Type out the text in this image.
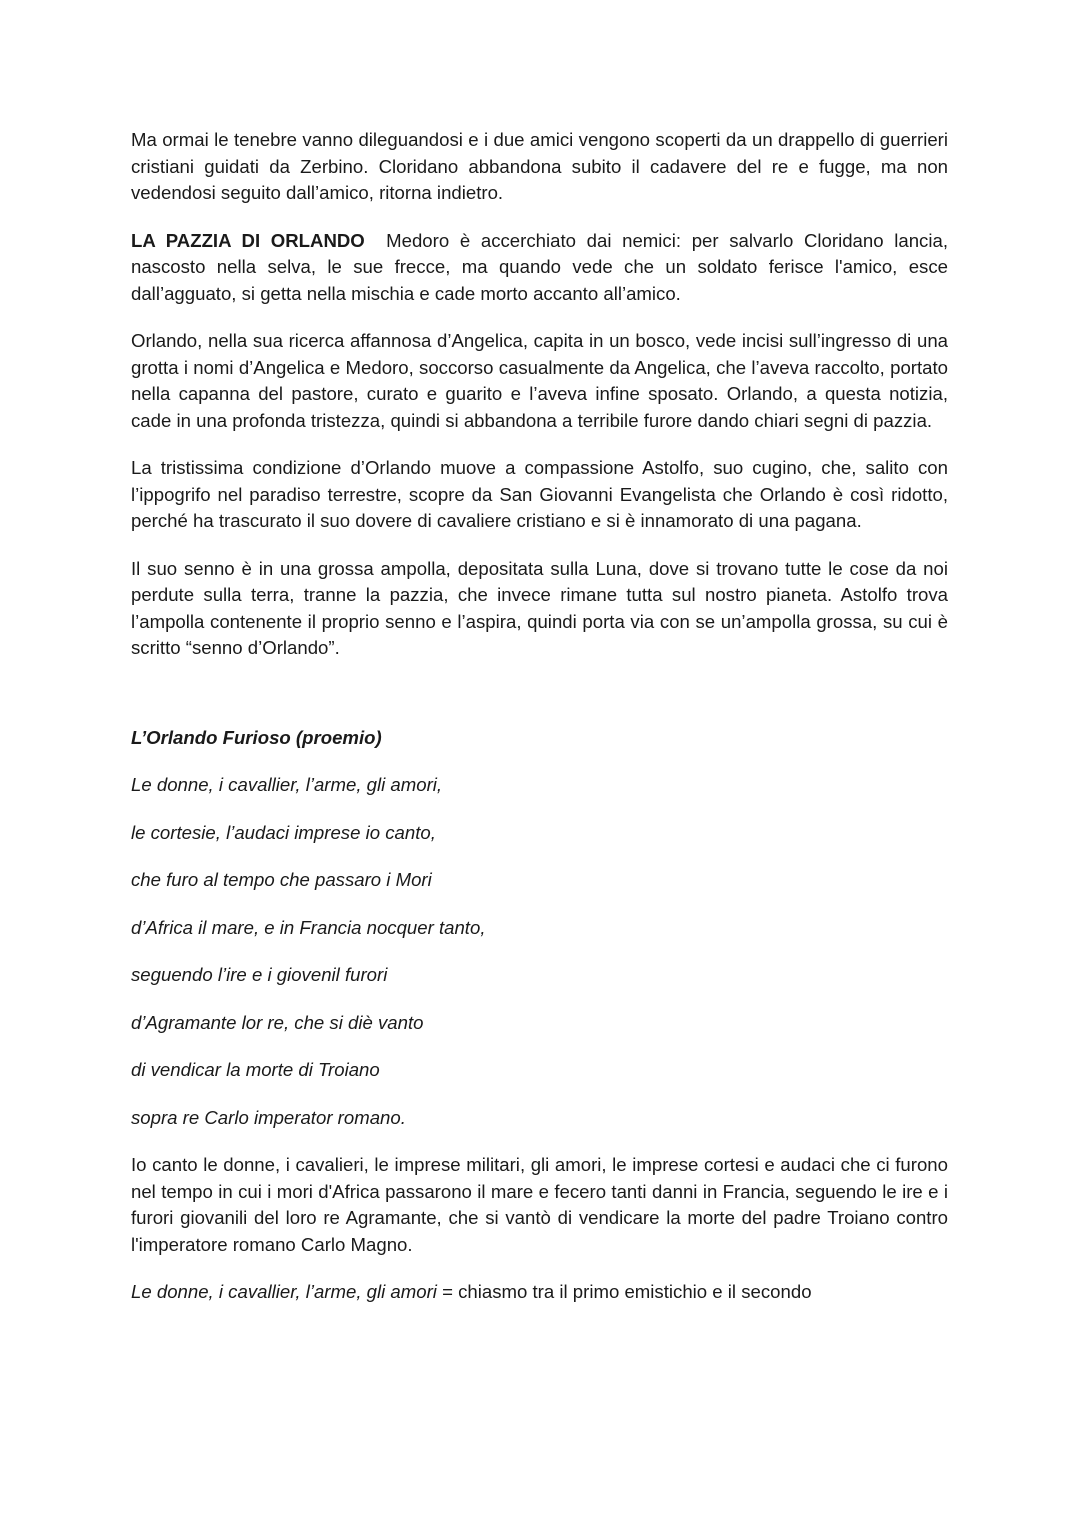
Ma ormai le tenebre vanno dileguandosi e i due amici vengono scoperti da un drappello di guerrieri cristiani guidati da Zerbino. Cloridano abbandona subito il cadavere del re e fugge, ma non vedendosi seguito dall’amico, ritorna indietro.

LA PAZZIA DI ORLANDO Medoro è accerchiato dai nemici: per salvarlo Cloridano lancia, nascosto nella selva, le sue frecce, ma quando vede che un soldato ferisce l'amico, esce dall’agguato, si getta nella mischia e cade morto accanto all’amico.

Orlando, nella sua ricerca affannosa d’Angelica, capita in un bosco, vede incisi sull’ingresso di una grotta i nomi d’Angelica e Medoro, soccorso casualmente da Angelica, che l’aveva raccolto, portato nella capanna del pastore, curato e guarito e l’aveva infine sposato. Orlando, a questa notizia, cade in una profonda tristezza, quindi si abbandona a terribile furore dando chiari segni di pazzia.

La tristissima condizione d’Orlando muove a compassione Astolfo, suo cugino, che, salito con l’ippogrifo nel paradiso terrestre, scopre da San Giovanni Evangelista che Orlando è così ridotto, perché ha trascurato il suo dovere di cavaliere cristiano e si è innamorato di una pagana.

Il suo senno è in una grossa ampolla, depositata sulla Luna, dove si trovano tutte le cose da noi perdute sulla terra, tranne la pazzia, che invece rimane tutta sul nostro pianeta. Astolfo trova l’ampolla contenente il proprio senno e l’aspira, quindi porta via con se un’ampolla grossa, su cui è scritto “senno d’Orlando”.

L’Orlando Furioso (proemio)

Le donne, i cavallier, l’arme, gli amori,

le cortesie, l’audaci imprese io canto,

che furo al tempo che passaro i Mori

d’Africa il mare, e in Francia nocquer tanto,

seguendo l’ire e i giovenil furori

d’Agramante lor re, che si diè vanto

di vendicar la morte di Troiano

sopra re Carlo imperator romano.

Io canto le donne, i cavalieri, le imprese militari, gli amori, le imprese cortesi e audaci che ci furono nel tempo in cui i mori d'Africa passarono il mare e fecero tanti danni in Francia, seguendo le ire e i furori giovanili del loro re Agramante, che si vantò di vendicare la morte del padre Troiano contro l'imperatore romano Carlo Magno.

Le donne, i cavallier, l’arme, gli amori = chiasmo tra il primo emistichio e il secondo
